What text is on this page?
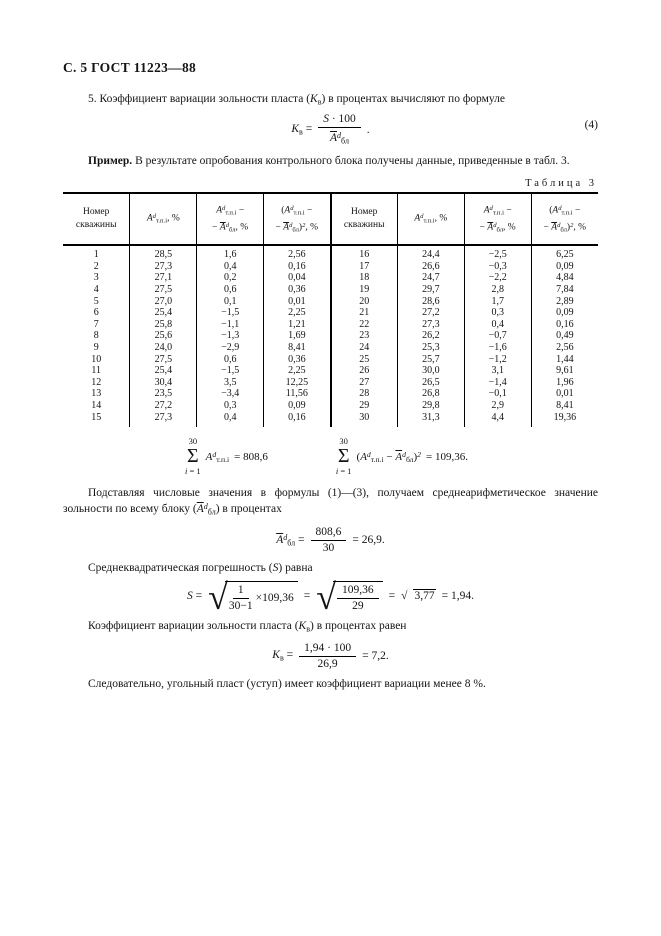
С. 5 ГОСТ 11223—88

5. Коэффициент вариации зольности пласта (Kв) в процентах вычисляют по формуле

Kв = $\frac{S \cdot 100}{\overline{A}^dбл}$ .	(4)

Пример. В результате опробования контрольного блока получены данные, приведенные в табл. 3.

Таблица 3
Номер
скважины	$A^dт.п.i$, %	$A^dт.п.i$ −
− $\overline{A}^dбл$, %	($A^dт.п.i$ −
− $\overline{A}^dбл)^2$, %	Номер
скважины	$A^dт.п.i$, %	$A^dт.п.i$ −
− $\overline{A}^dбл$, %	($A^dт.п.i$ −
− $\overline{A}^dбл)^2$, %

1	28,5	1,6	2,56	16	24,4	−2,5	6,25
2	27,3	0,4	0,16	17	26,6	−0,3	0,09
3	27,1	0,2	0,04	18	24,7	−2,2	4,84
4	27,5	0,6	0,36	19	29,7	2,8	7,84
5	27,0	0,1	0,01	20	28,6	1,7	2,89
6	25,4	−1,5	2,25	21	27,2	0,3	0,09
7	25,8	−1,1	1,21	22	27,3	0,4	0,16
8	25,6	−1,3	1,69	23	26,2	−0,7	0,49
9	24,0	−2,9	8,41	24	25,3	−1,6	2,56
10	27,5	0,6	0,36	25	25,7	−1,2	1,44
11	25,4	−1,5	2,25	26	30,0	3,1	9,61
12	30,4	3,5	12,25	27	26,5	−1,4	1,96
13	23,5	−3,4	11,56	28	26,8	−0,1	0,01
14	27,2	0,3	0,09	29	29,8	2,9	8,41
15	27,3	0,4	0,16	30	31,3	4,4	19,36
30
Σ
i = 1
$A^dт.п.i = 808,6$
30
Σ
i = 1
$(A^dт.п.i - \overline{A}^dбл)^2 = 109,36$.

Подставляя числовые значения в формулы (1)—(3), получаем среднеарифметическое значение зольности по всему блоку $(\overline{A}^dбл)$ в процентах

$\overline{A}^dбл = \frac{808,6}{30} = 26,9$.

Среднеквадратическая погрешность (S) равна

S = √ $\frac{1}{30-1} \times 109,36$ = √ $\frac{109,36}{29}$ = √ 3,77 = 1,94.

Коэффициент вариации зольности пласта (Kв) в процентах равен

Kв = $\frac{1,94 \cdot 100}{26,9} = 7,2$.

Следовательно, угольный пласт (уступ) имеет коэффициент вариации менее 8 %.
